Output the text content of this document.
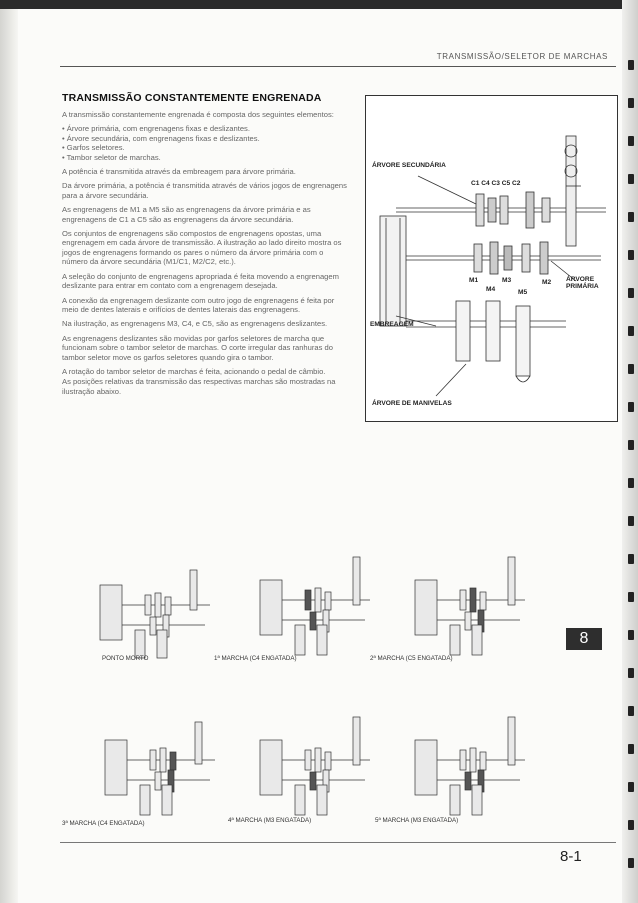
TRANSMISSÃO/SELETOR DE MARCHAS
TRANSMISSÃO CONSTANTEMENTE ENGRENADA

A transmissão constantemente engrenada é composta dos seguintes elementos:

• Árvore primária, com engrenagens fixas e deslizantes.
• Árvore secundária, com engrenagens fixas e deslizantes.
• Garfos seletores.
• Tambor seletor de marchas.

A potência é transmitida através da embreagem para árvore primária.

Da árvore primária, a potência é transmitida através de vários jogos de engrenagens para a árvore secundária.

As engrenagens de M1 a M5 são as engrenagens da árvore primária e as engrenagens de C1 a C5 são as engrenagens da árvore secundária.

Os conjuntos de engrenagens são compostos de engrenagens opostas, uma engrenagem em cada árvore de transmissão. A ilustração ao lado direito mostra os jogos de engrenagens formando os pares o número da árvore primária com o número da árvore secundária (M1/C1, M2/C2, etc.).

A seleção do conjunto de engrenagens apropriada é feita movendo a engrenagem deslizante para entrar em contato com a engrenagem desejada.

A conexão da engrenagem deslizante com outro jogo de engrenagens é feita por meio de dentes laterais e orifícios de dentes laterais das engrenagens.

Na ilustração, as engrenagens M3, C4, e C5, são as engrenagens deslizantes.

As engrenagens deslizantes são movidas por garfos seletores de marcha que funcionam sobre o tambor seletor de marchas. O corte irregular das ranhuras do tambor seletor move os garfos seletores quando gira o tambor.

A rotação do tambor seletor de marchas é feita, acionando o pedal de câmbio.

As posições relativas da transmissão das respectivas marchas são mostradas na ilustração abaixo.

ÁRVORE SECUNDÁRIA
C1 C4 C3 C5 C2
ÁRVORE PRIMÁRIA
M1	M3
M4	M5
M2
EMBREAGEM
ÁRVORE DE MANIVELAS
PONTO MORTO	1ª MARCHA (C4 ENGATADA)	2ª MARCHA (C5 ENGATADA)
3ª MARCHA (C4 ENGATADA)	4ª MARCHA (M3 ENGATADA)	5ª MARCHA (M3 ENGATADA)
8
8-1
